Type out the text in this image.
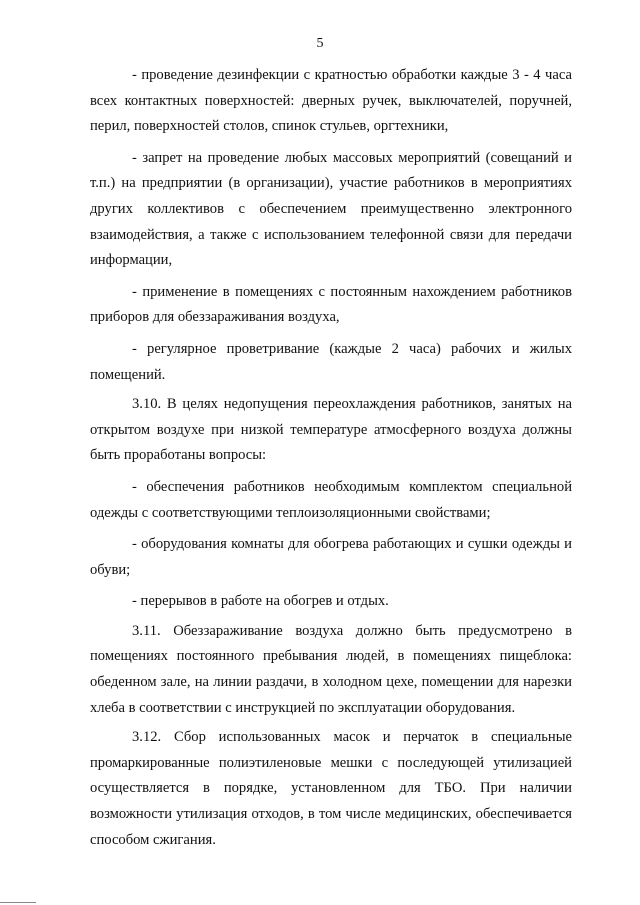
5

- проведение дезинфекции с кратностью обработки каждые 3 - 4 часа всех контактных поверхностей: дверных ручек, выключателей, поручней, перил, поверхностей столов, спинок стульев, оргтехники,

- запрет на проведение любых массовых мероприятий (совещаний и т.п.) на предприятии (в организации), участие работников в мероприятиях других коллективов с обеспечением преимущественно электронного взаимодействия, а также с использованием телефонной связи для передачи информации,

- применение в помещениях с постоянным нахождением работников приборов для обеззараживания воздуха,

- регулярное проветривание (каждые 2 часа) рабочих и жилых помещений.

3.10. В целях недопущения переохлаждения работников, занятых на открытом воздухе при низкой температуре атмосферного воздуха должны быть проработаны вопросы:

- обеспечения работников необходимым комплектом специальной одежды с соответствующими теплоизоляционными свойствами;

- оборудования комнаты для обогрева работающих и сушки одежды и обуви;

- перерывов в работе на обогрев и отдых.

3.11. Обеззараживание воздуха должно быть предусмотрено в помещениях постоянного пребывания людей, в помещениях пищеблока: обеденном зале, на линии раздачи, в холодном цехе, помещении для нарезки хлеба в соответствии с инструкцией по эксплуатации оборудования.

3.12. Сбор использованных масок и перчаток в специальные промаркированные полиэтиленовые мешки с последующей утилизацией осуществляется в порядке, установленном для ТБО. При наличии возможности утилизация отходов, в том числе медицинских, обеспечивается способом сжигания.
